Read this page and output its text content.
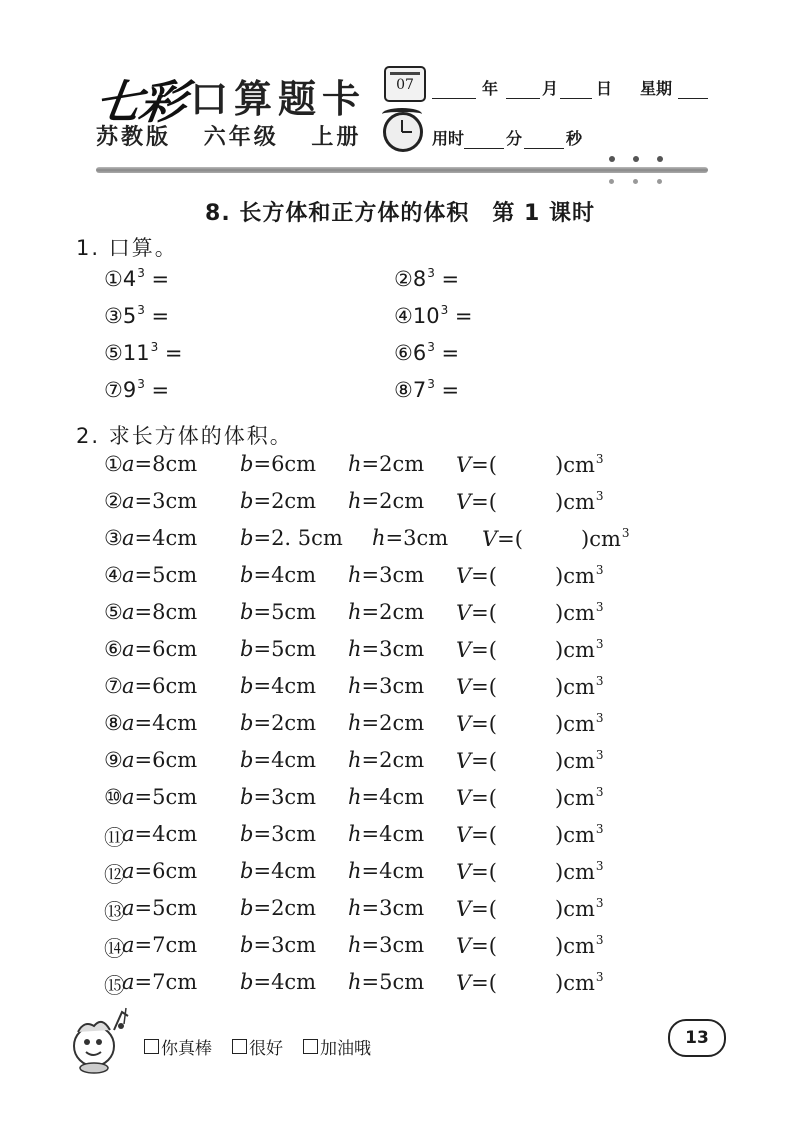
七彩 口算题卡
苏教版 六年级 上册
07	年	月 日 星期
用时	分	秒
8. 长方体和正方体的体积　第 1 课时
1. 口算。
$①4^3$ =	$②8^3$ =
$③5^3$ =	$④10^3$ =
$⑤11^3$ =	$⑥6^3$ =
$⑦9^3$ =	$⑧7^3$ =
2. 求长方体的体积。
① a=8cm b=6cm h=2cm V=(	)$cm^3$
② a=3cm b=2cm h=2cm V=(	)$cm^3$
③ a=4cm b=2. 5cm h=3cm V=(	)$cm^3$
④ a=5cm b=4cm h=3cm V=(	)$cm^3$
⑤ a=8cm b=5cm h=2cm V=(	)$cm^3$
⑥ a=6cm b=5cm h=3cm V=(	)$cm^3$
⑦ a=6cm b=4cm h=3cm V=(	)$cm^3$
⑧ a=4cm b=2cm h=2cm V=(	)$cm^3$
⑨ a=6cm b=4cm h=2cm V=(	)$cm^3$
⑩ a=5cm b=3cm h=4cm V=(	)$cm^3$
⑪
a=4cm b=3cm h=4cm V=(	)$cm^3$
⑫
a=6cm b=4cm h=4cm V=(	)$cm^3$
⑬
a=5cm b=2cm h=3cm V=(	)$cm^3$
⑭
a=7cm b=3cm h=3cm V=(	)$cm^3$
⑮
a=7cm b=4cm h=5cm V=(	)$cm^3$
你真棒 很好 加油哦
13
